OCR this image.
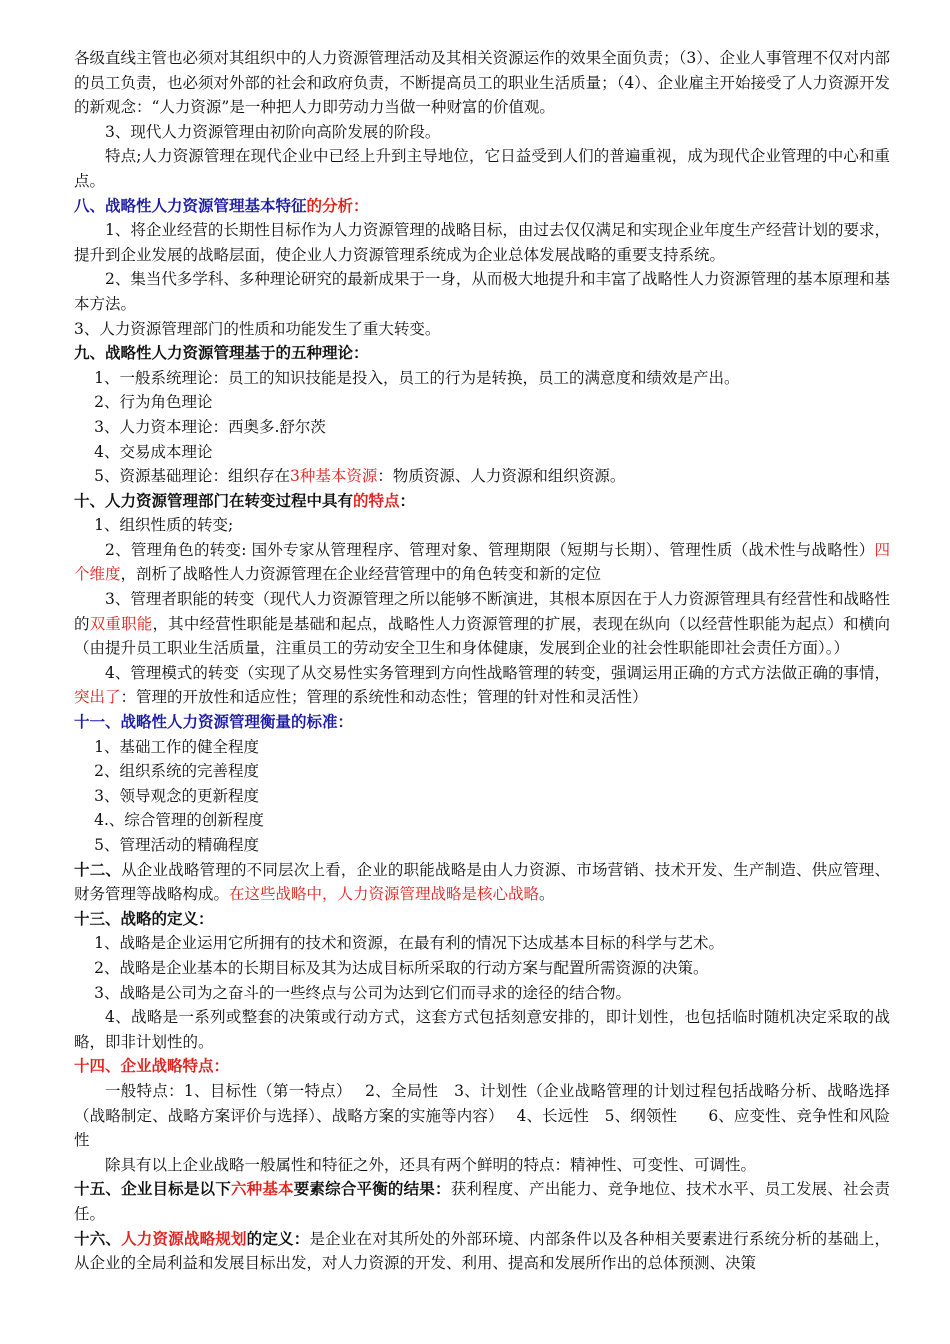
各级直线主管也必须对其组织中的人力资源管理活动及其相关资源运作的效果全面负责；（3）、企业人事管理不仅对内部的员工负责，也必须对外部的社会和政府负责，不断提高员工的职业生活质量；（4）、企业雇主开始接受了人力资源开发的新观念：“人力资源”是一种把人力即劳动力当做一种财富的价值观。

3、现代人力资源管理由初阶向高阶发展的阶段。

特点;人力资源管理在现代企业中已经上升到主导地位，它日益受到人们的普遍重视，成为现代企业管理的中心和重点。

八、战略性人力资源管理基本特征的分析：

1、将企业经营的长期性目标作为人力资源管理的战略目标，由过去仅仅满足和实现企业年度生产经营计划的要求，提升到企业发展的战略层面，使企业人力资源管理系统成为企业总体发展战略的重要支持系统。

2、集当代多学科、多种理论研究的最新成果于一身，从而极大地提升和丰富了战略性人力资源管理的基本原理和基本方法。

3、人力资源管理部门的性质和功能发生了重大转变。

九、战略性人力资源管理基于的五种理论：

1、一般系统理论：员工的知识技能是投入，员工的行为是转换，员工的满意度和绩效是产出。

2、行为角色理论

3、人力资本理论：西奥多.舒尔茨

4、交易成本理论

5、资源基础理论：组织存在3种基本资源：物质资源、人力资源和组织资源。

十、人力资源管理部门在转变过程中具有的特点：

1、组织性质的转变;

2、管理角色的转变: 国外专家从管理程序、管理对象、管理期限（短期与长期）、管理性质（战术性与战略性）四个维度，剖析了战略性人力资源管理在企业经营管理中的角色转变和新的定位

3、管理者职能的转变（现代人力资源管理之所以能够不断演进，其根本原因在于人力资源管理具有经营性和战略性的双重职能，其中经营性职能是基础和起点，战略性人力资源管理的扩展，表现在纵向（以经营性职能为起点）和横向（由提升员工职业生活质量，注重员工的劳动安全卫生和身体健康，发展到企业的社会性职能即社会责任方面）。）

4、管理模式的转变（实现了从交易性实务管理到方向性战略管理的转变，强调运用正确的方式方法做正确的事情，突出了：管理的开放性和适应性；管理的系统性和动态性；管理的针对性和灵活性）

十一、战略性人力资源管理衡量的标准：

1、基础工作的健全程度

2、组织系统的完善程度

3、领导观念的更新程度

4.、综合管理的创新程度

5、管理活动的精确程度

十二、从企业战略管理的不同层次上看，企业的职能战略是由人力资源、市场营销、技术开发、生产制造、供应管理、财务管理等战略构成。在这些战略中，人力资源管理战略是核心战略。

十三、战略的定义：

1、战略是企业运用它所拥有的技术和资源，在最有利的情况下达成基本目标的科学与艺术。

2、战略是企业基本的长期目标及其为达成目标所采取的行动方案与配置所需资源的决策。

3、战略是公司为之奋斗的一些终点与公司为达到它们而寻求的途径的结合物。

4、战略是一系列或整套的决策或行动方式，这套方式包括刻意安排的，即计划性，也包括临时随机决定采取的战略，即非计划性的。

十四、企业战略特点：

一般特点：1、目标性（第一特点）　 2、全局性　3、计划性（企业战略管理的计划过程包括战略分析、战略选择（战略制定、战略方案评价与选择）、战略方案的实施等内容）　 4、长远性　5、纲领性　　6、应变性、竞争性和风险性

除具有以上企业战略一般属性和特征之外，还具有两个鲜明的特点：精神性、可变性、可调性。

十五、企业目标是以下六种基本要素综合平衡的结果：获利程度、产出能力、竞争地位、技术水平、员工发展、社会责任。

十六、人力资源战略规划的定义：是企业在对其所处的外部环境、内部条件以及各种相关要素进行系统分析的基础上，从企业的全局利益和发展目标出发，对人力资源的开发、利用、提高和发展所作出的总体预测、决策
